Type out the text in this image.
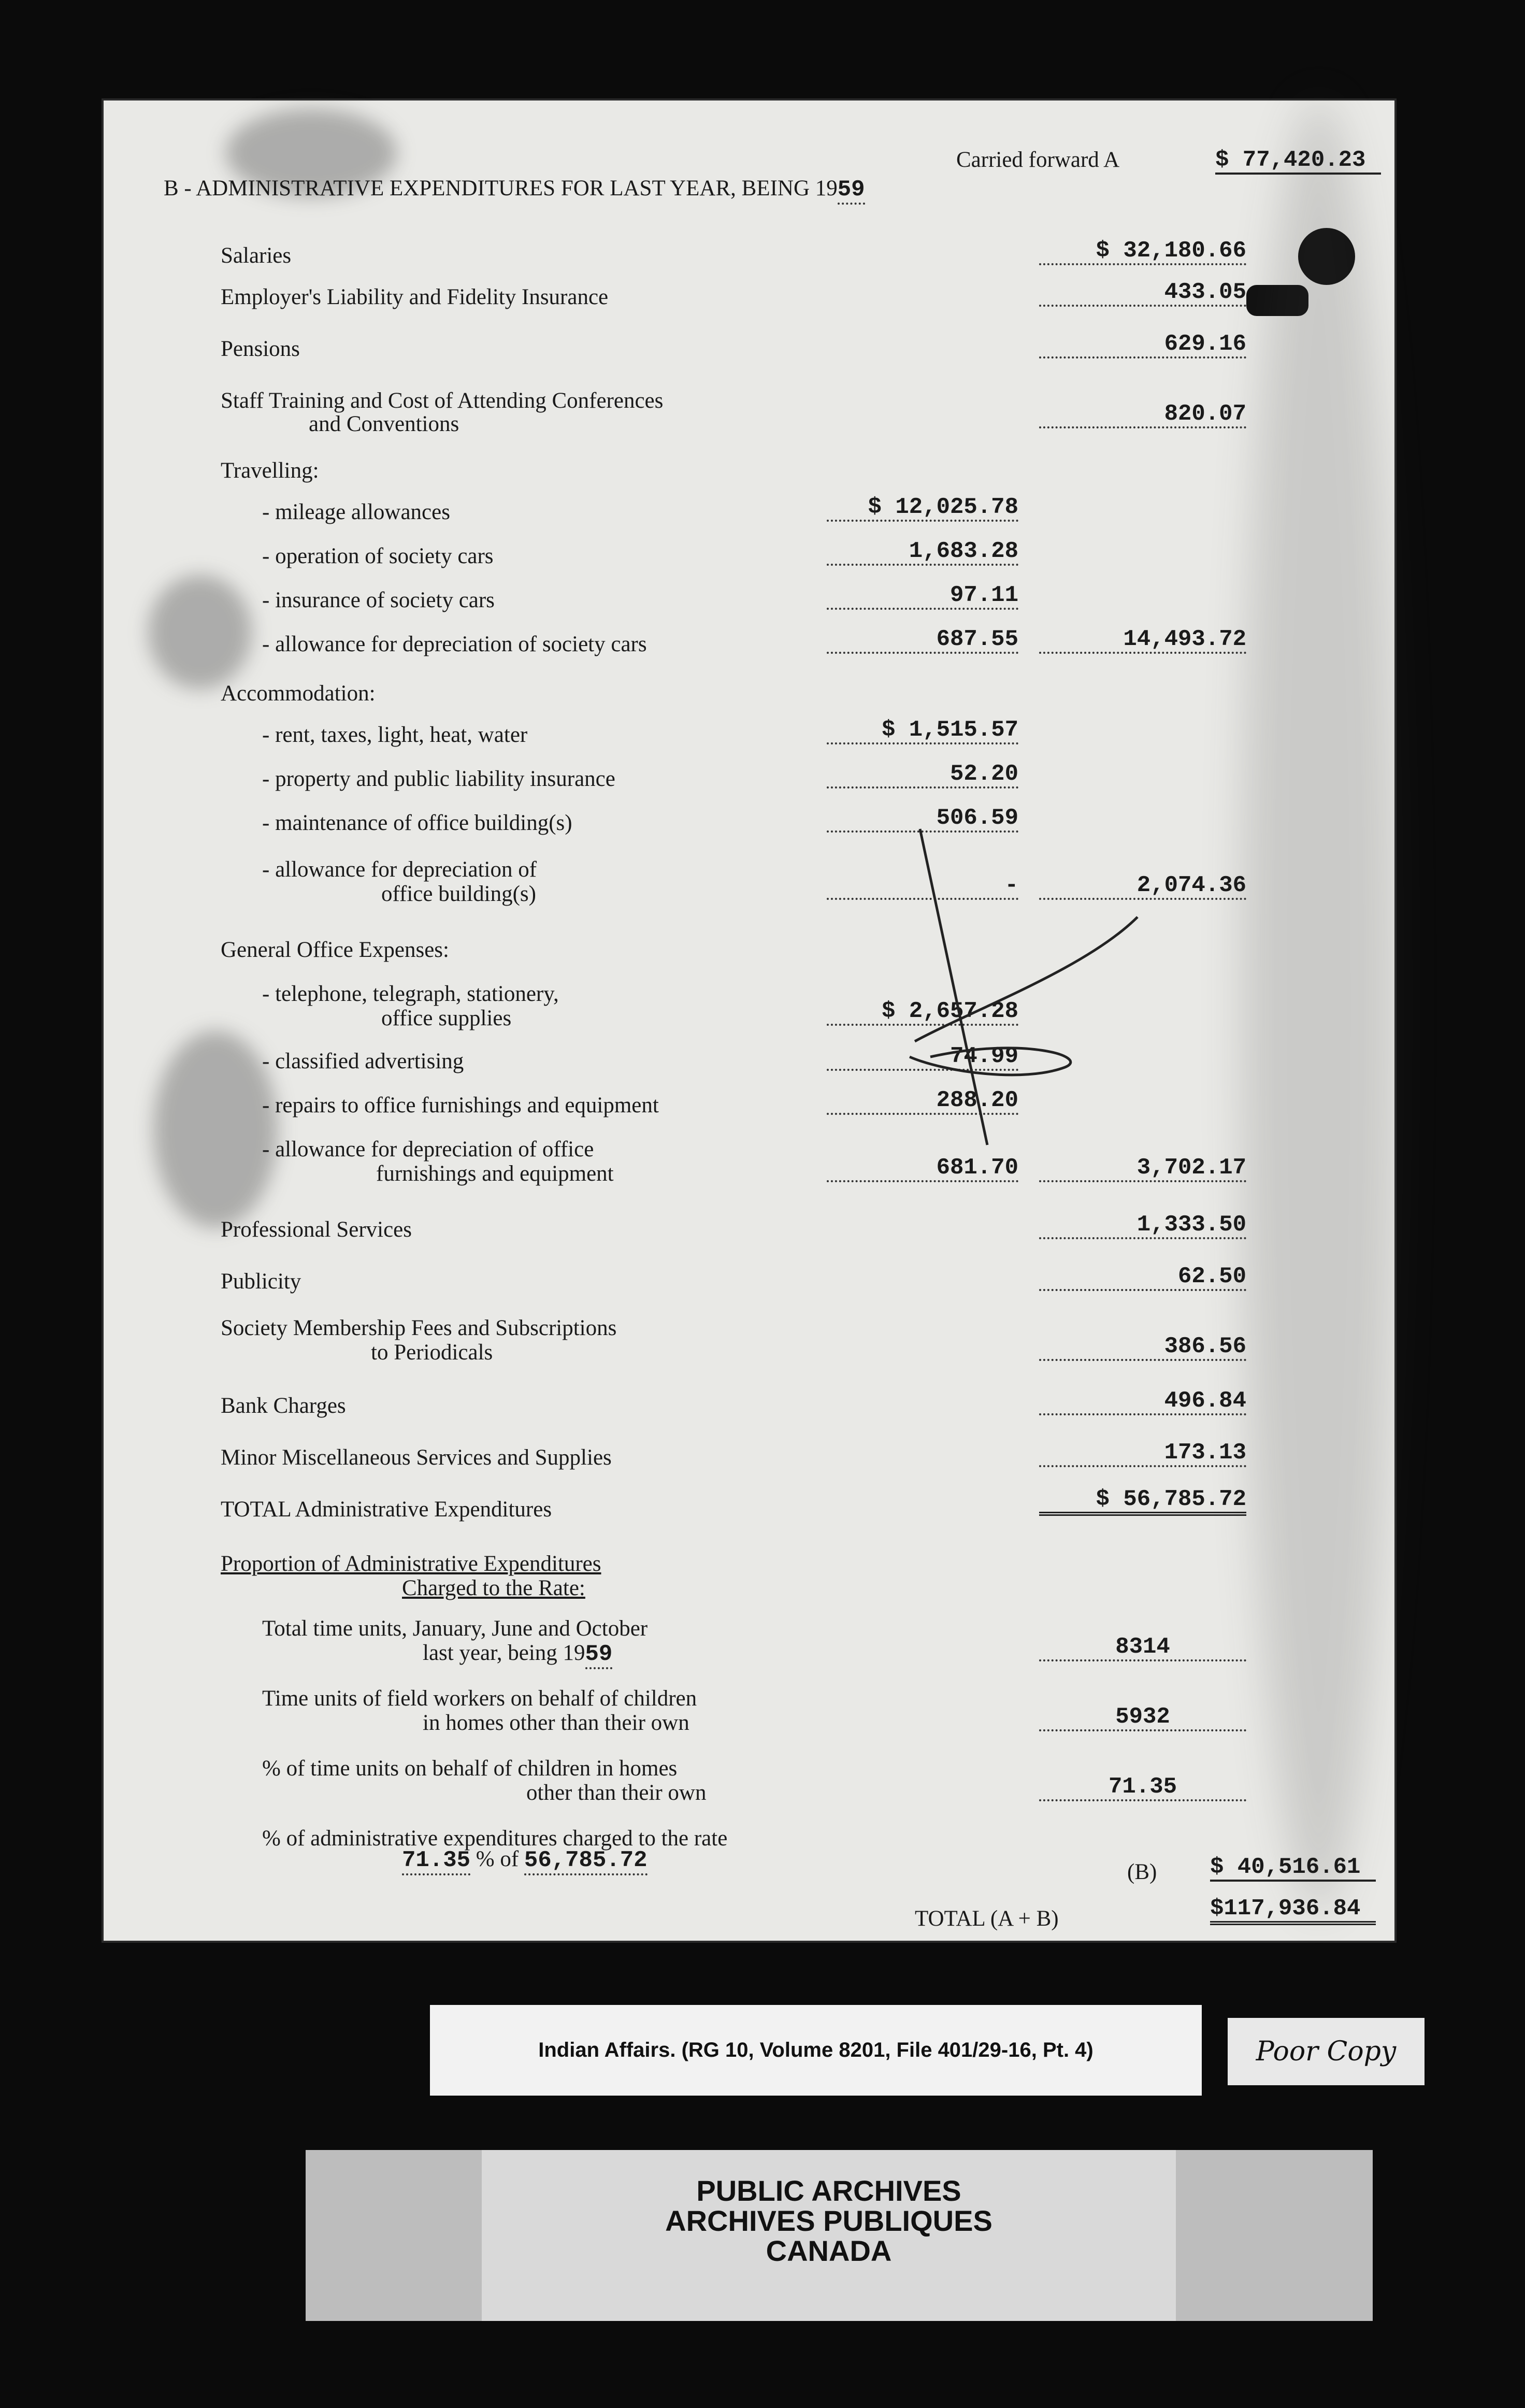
Carried forward A	$ 77,420.23
B - ADMINISTRATIVE EXPENDITURES FOR LAST YEAR, BEING 1959
Salaries	$ 32,180.66
Employer's Liability and Fidelity Insurance	433.05
Pensions	629.16
Staff Training and Cost of Attending Conferences
and Conventions	820.07
Travelling:
- mileage allowances	$ 12,025.78
- operation of society cars	1,683.28
- insurance of society cars	97.11
- allowance for depreciation of society cars	687.55	14,493.72
Accommodation:
- rent, taxes, light, heat, water	$ 1,515.57
- property and public liability insurance	52.20
- maintenance of office building(s)	506.59
- allowance for depreciation of
office building(s)	-	2,074.36
General Office Expenses:
- telephone, telegraph, stationery,
office supplies	$ 2,657.28
- classified advertising	74.99
- repairs to office furnishings and equipment	288.20
- allowance for depreciation of office
furnishings and equipment	681.70	3,702.17
Professional Services	1,333.50
Publicity	62.50
Society Membership Fees and Subscriptions
to Periodicals	386.56
Bank Charges	496.84
Minor Miscellaneous Services and Supplies	173.13
TOTAL Administrative Expenditures	$ 56,785.72
Proportion of Administrative Expenditures
Charged to the Rate:
Total time units, January, June and October
last year, being 1959	8314
Time units of field workers on behalf of children
in homes other than their own	5932
% of time units on behalf of children in homes
other than their own	71.35
% of administrative expenditures charged to the rate
71.35 % of 56,785.72	(B) $ 40,516.61
TOTAL (A + B)	$117,936.84
Indian Affairs. (RG 10, Volume 8201, File 401/29-16, Pt. 4)	Poor Copy
PUBLIC ARCHIVES
ARCHIVES PUBLIQUES
CANADA
